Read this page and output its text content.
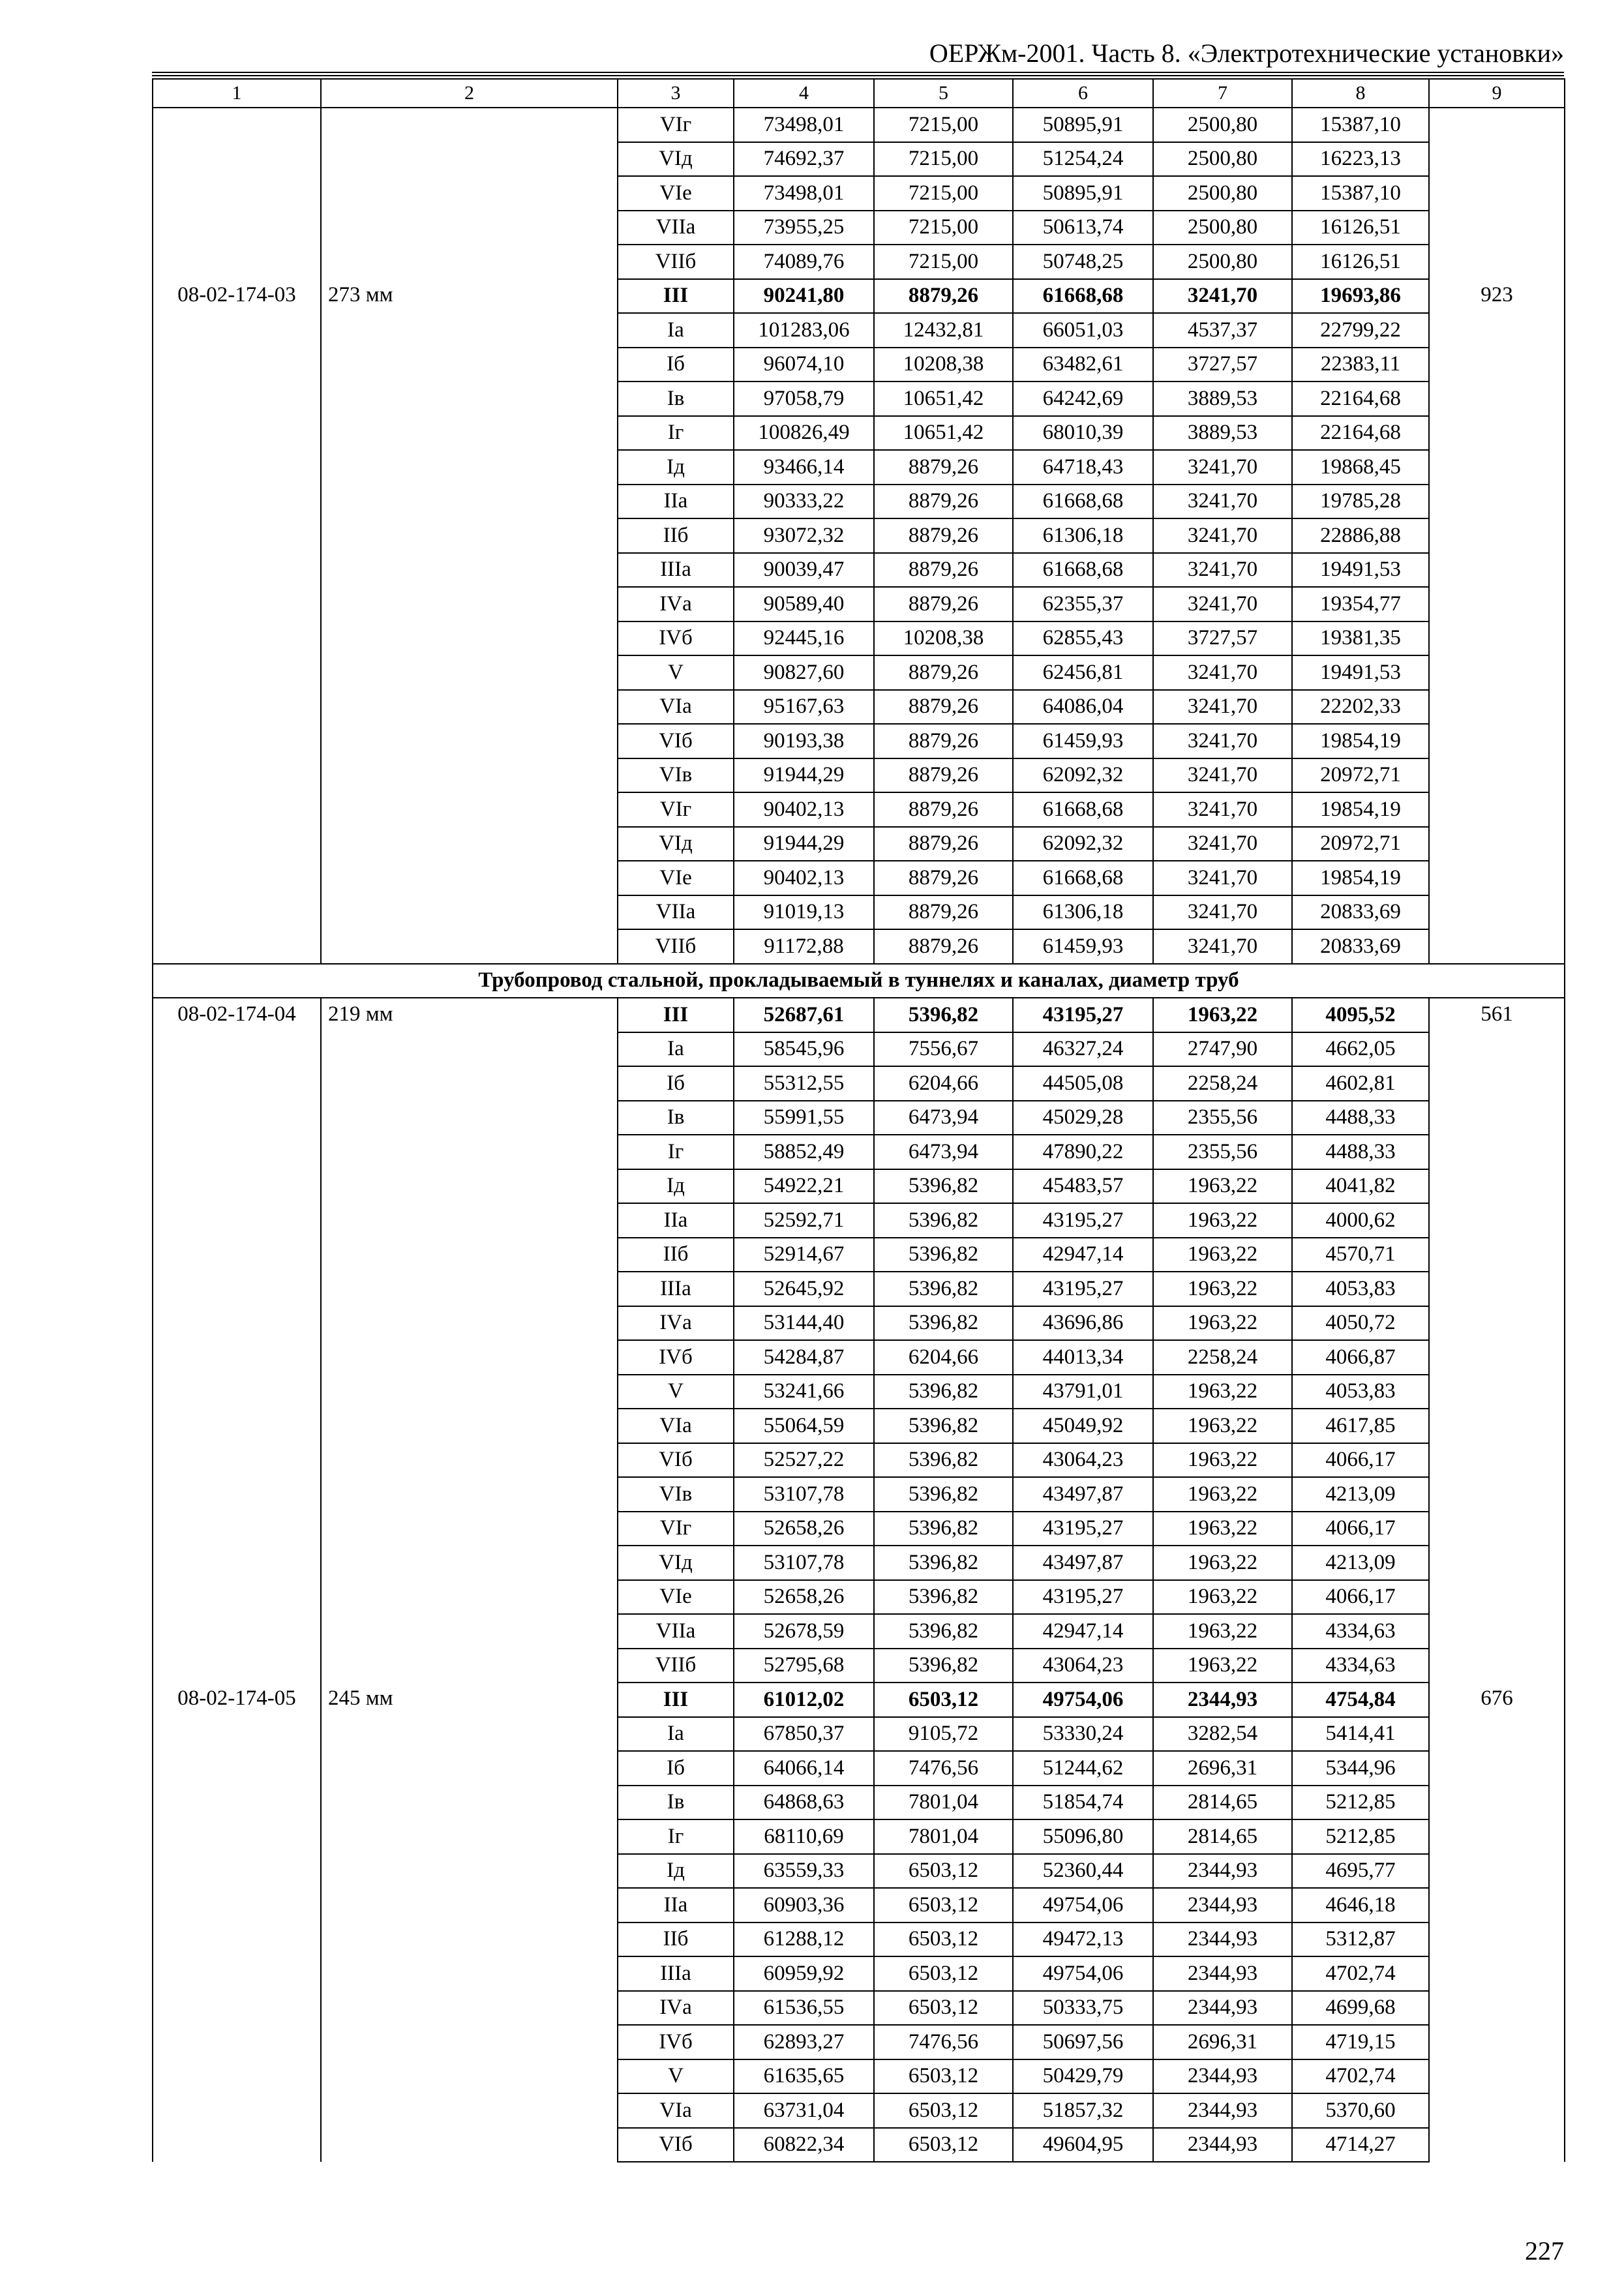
ОЕРЖм-2001. Часть 8. «Электротехнические установки»
1	2	3	4	5	6	7	8	9
		VIг	73498,01	7215,00	50895,91	2500,80	15387,10	
		VIд	74692,37	7215,00	51254,24	2500,80	16223,13	
		VIе	73498,01	7215,00	50895,91	2500,80	15387,10	
		VIIа	73955,25	7215,00	50613,74	2500,80	16126,51	
		VIIб	74089,76	7215,00	50748,25	2500,80	16126,51	
08-02-174-03	273 мм	III	90241,80	8879,26	61668,68	3241,70	19693,86	923
		Iа	101283,06	12432,81	66051,03	4537,37	22799,22	
		Iб	96074,10	10208,38	63482,61	3727,57	22383,11	
		Iв	97058,79	10651,42	64242,69	3889,53	22164,68	
		Iг	100826,49	10651,42	68010,39	3889,53	22164,68	
		Iд	93466,14	8879,26	64718,43	3241,70	19868,45	
		IIа	90333,22	8879,26	61668,68	3241,70	19785,28	
		IIб	93072,32	8879,26	61306,18	3241,70	22886,88	
		IIIа	90039,47	8879,26	61668,68	3241,70	19491,53	
		IVа	90589,40	8879,26	62355,37	3241,70	19354,77	
		IVб	92445,16	10208,38	62855,43	3727,57	19381,35	
		V	90827,60	8879,26	62456,81	3241,70	19491,53	
		VIа	95167,63	8879,26	64086,04	3241,70	22202,33	
		VIб	90193,38	8879,26	61459,93	3241,70	19854,19	
		VIв	91944,29	8879,26	62092,32	3241,70	20972,71	
		VIг	90402,13	8879,26	61668,68	3241,70	19854,19	
		VIд	91944,29	8879,26	62092,32	3241,70	20972,71	
		VIе	90402,13	8879,26	61668,68	3241,70	19854,19	
		VIIа	91019,13	8879,26	61306,18	3241,70	20833,69	
		VIIб	91172,88	8879,26	61459,93	3241,70	20833,69	
Трубопровод стальной, прокладываемый в туннелях и каналах, диаметр труб								
08-02-174-04	219 мм	III	52687,61	5396,82	43195,27	1963,22	4095,52	561
		Iа	58545,96	7556,67	46327,24	2747,90	4662,05	
		Iб	55312,55	6204,66	44505,08	2258,24	4602,81	
		Iв	55991,55	6473,94	45029,28	2355,56	4488,33	
		Iг	58852,49	6473,94	47890,22	2355,56	4488,33	
		Iд	54922,21	5396,82	45483,57	1963,22	4041,82	
		IIа	52592,71	5396,82	43195,27	1963,22	4000,62	
		IIб	52914,67	5396,82	42947,14	1963,22	4570,71	
		IIIа	52645,92	5396,82	43195,27	1963,22	4053,83	
		IVа	53144,40	5396,82	43696,86	1963,22	4050,72	
		IVб	54284,87	6204,66	44013,34	2258,24	4066,87	
		V	53241,66	5396,82	43791,01	1963,22	4053,83	
		VIа	55064,59	5396,82	45049,92	1963,22	4617,85	
		VIб	52527,22	5396,82	43064,23	1963,22	4066,17	
		VIв	53107,78	5396,82	43497,87	1963,22	4213,09	
		VIг	52658,26	5396,82	43195,27	1963,22	4066,17	
		VIд	53107,78	5396,82	43497,87	1963,22	4213,09	
		VIе	52658,26	5396,82	43195,27	1963,22	4066,17	
		VIIа	52678,59	5396,82	42947,14	1963,22	4334,63	
		VIIб	52795,68	5396,82	43064,23	1963,22	4334,63	
08-02-174-05	245 мм	III	61012,02	6503,12	49754,06	2344,93	4754,84	676
		Iа	67850,37	9105,72	53330,24	3282,54	5414,41	
		Iб	64066,14	7476,56	51244,62	2696,31	5344,96	
		Iв	64868,63	7801,04	51854,74	2814,65	5212,85	
		Iг	68110,69	7801,04	55096,80	2814,65	5212,85	
		Iд	63559,33	6503,12	52360,44	2344,93	4695,77	
		IIа	60903,36	6503,12	49754,06	2344,93	4646,18	
		IIб	61288,12	6503,12	49472,13	2344,93	5312,87	
		IIIа	60959,92	6503,12	49754,06	2344,93	4702,74	
		IVа	61536,55	6503,12	50333,75	2344,93	4699,68	
		IVб	62893,27	7476,56	50697,56	2696,31	4719,15	
		V	61635,65	6503,12	50429,79	2344,93	4702,74	
		VIа	63731,04	6503,12	51857,32	2344,93	5370,60	
		VIб	60822,34	6503,12	49604,95	2344,93	4714,27	
227
